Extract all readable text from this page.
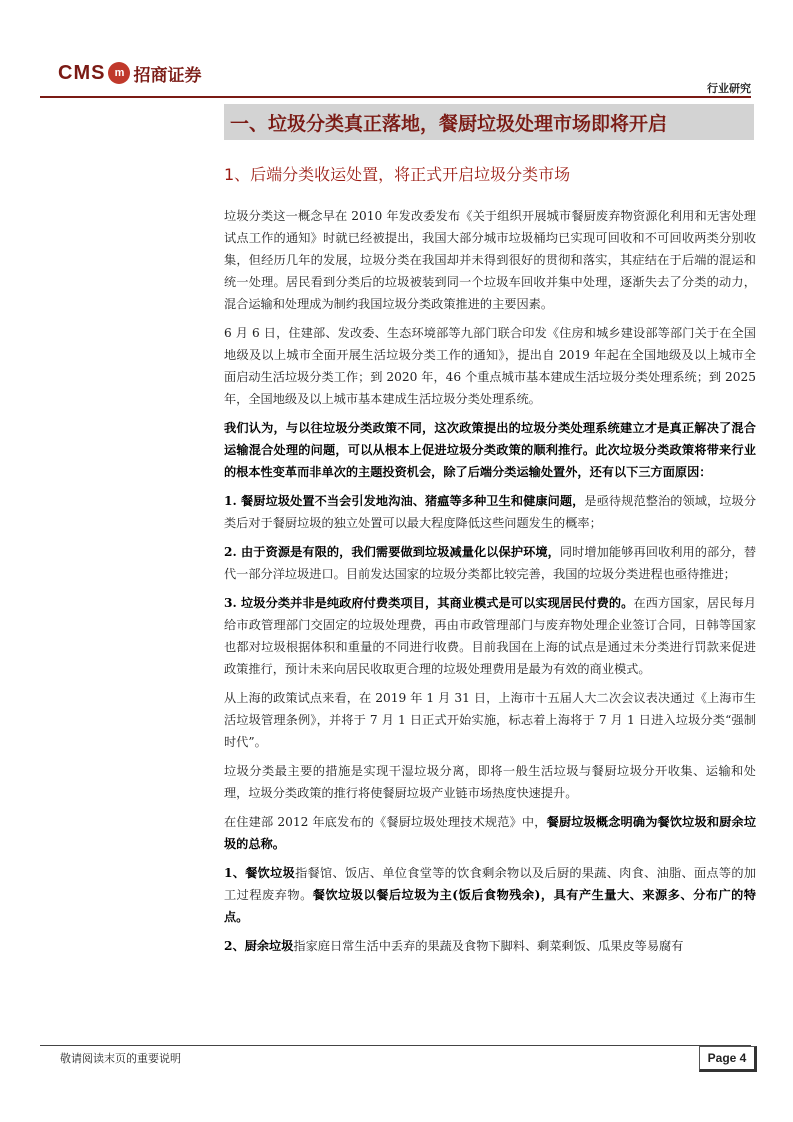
CMS m 招商证券
行业研究
一、垃圾分类真正落地，餐厨垃圾处理市场即将开启
1、后端分类收运处置，将正式开启垃圾分类市场

垃圾分类这一概念早在 2010 年发改委发布《关于组织开展城市餐厨废弃物资源化利用和无害处理试点工作的通知》时就已经被提出，我国大部分城市垃圾桶均已实现可回收和不可回收两类分别收集，但经历几年的发展，垃圾分类在我国却并未得到很好的贯彻和落实，其症结在于后端的混运和统一处理。居民看到分类后的垃圾被装到同一个垃圾车回收并集中处理，逐渐失去了分类的动力，混合运输和处理成为制约我国垃圾分类政策推进的主要因素。

6 月 6 日，住建部、发改委、生态环境部等九部门联合印发《住房和城乡建设部等部门关于在全国地级及以上城市全面开展生活垃圾分类工作的通知》，提出自 2019 年起在全国地级及以上城市全面启动生活垃圾分类工作；到 2020 年，46 个重点城市基本建成生活垃圾分类处理系统；到 2025 年，全国地级及以上城市基本建成生活垃圾分类处理系统。

我们认为，与以往垃圾分类政策不同，这次政策提出的垃圾分类处理系统建立才是真正解决了混合运输混合处理的问题，可以从根本上促进垃圾分类政策的顺利推行。此次垃圾分类政策将带来行业的根本性变革而非单次的主题投资机会，除了后端分类运输处置外，还有以下三方面原因：

1. 餐厨垃圾处置不当会引发地沟油、猪瘟等多种卫生和健康问题，是亟待规范整治的领域，垃圾分类后对于餐厨垃圾的独立处置可以最大程度降低这些问题发生的概率；

2. 由于资源是有限的，我们需要做到垃圾减量化以保护环境，同时增加能够再回收利用的部分，替代一部分洋垃圾进口。目前发达国家的垃圾分类都比较完善，我国的垃圾分类进程也亟待推进；

3. 垃圾分类并非是纯政府付费类项目，其商业模式是可以实现居民付费的。在西方国家，居民每月给市政管理部门交固定的垃圾处理费，再由市政管理部门与废弃物处理企业签订合同，日韩等国家也都对垃圾根据体积和重量的不同进行收费。目前我国在上海的试点是通过未分类进行罚款来促进政策推行，预计未来向居民收取更合理的垃圾处理费用是最为有效的商业模式。

从上海的政策试点来看，在 2019 年 1 月 31 日，上海市十五届人大二次会议表决通过《上海市生活垃圾管理条例》，并将于 7 月 1 日正式开始实施，标志着上海将于 7 月 1 日进入垃圾分类“强制时代”。

垃圾分类最主要的措施是实现干湿垃圾分离，即将一般生活垃圾与餐厨垃圾分开收集、运输和处理，垃圾分类政策的推行将使餐厨垃圾产业链市场热度快速提升。

在住建部 2012 年底发布的《餐厨垃圾处理技术规范》中，餐厨垃圾概念明确为餐饮垃圾和厨余垃圾的总称。

1、餐饮垃圾指餐馆、饭店、单位食堂等的饮食剩余物以及后厨的果蔬、肉食、油脂、面点等的加工过程废弃物。餐饮垃圾以餐后垃圾为主(饭后食物残余)，具有产生量大、来源多、分布广的特点。

2、厨余垃圾指家庭日常生活中丢弃的果蔬及食物下脚料、剩菜剩饭、瓜果皮等易腐有

敬请阅读末页的重要说明	Page 4
